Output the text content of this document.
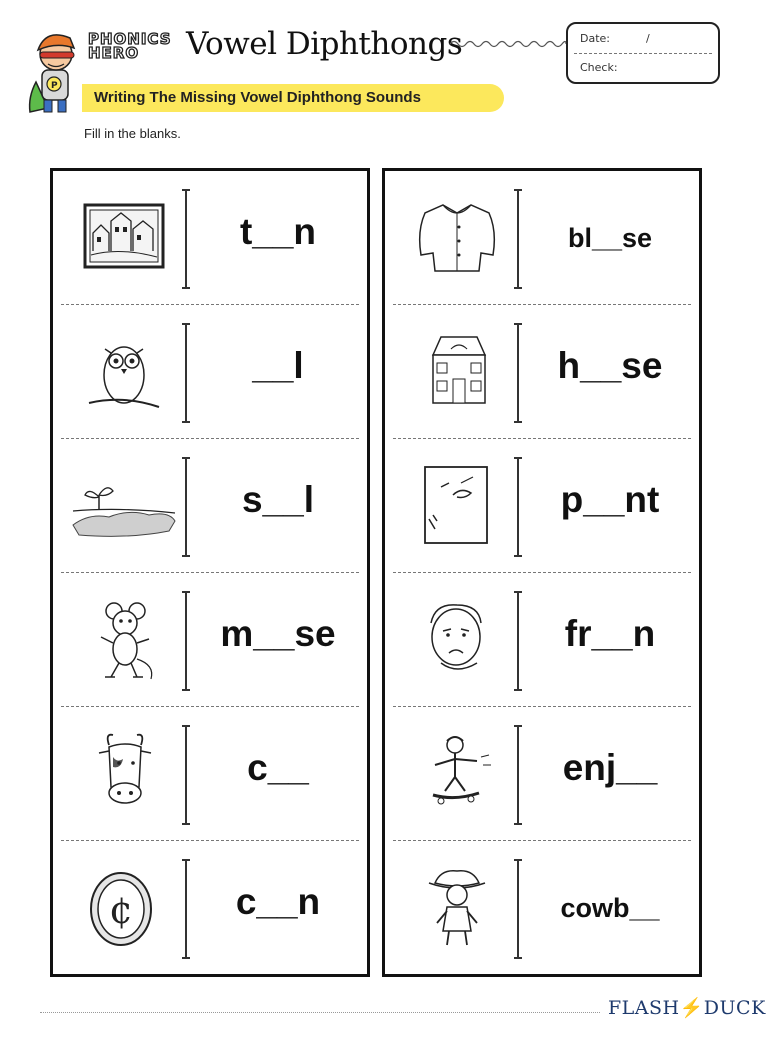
P
PHONICS
HERO	Vowel Diphthongs	Date:	/
Check:
Writing The Missing Vowel Diphthong Sounds
Fill in the blanks.
t__n
__l
s__l
m__se
c__
¢	c__n
bl__se
h__se
p__nt
fr__n
enj__
cowb__
FLASH⚡DUCK
